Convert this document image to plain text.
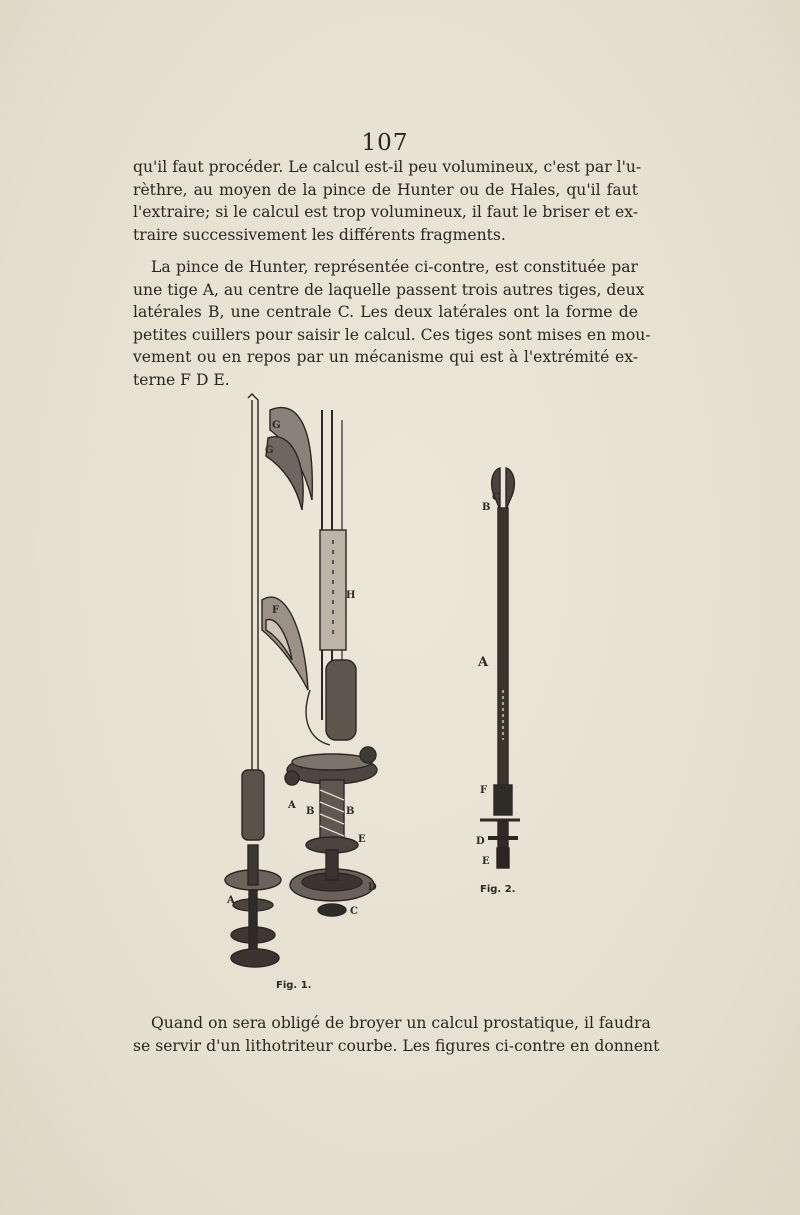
107
qu'il faut procéder. Le calcul est-il peu volumineux, c'est par l'u-
rèthre, au moyen de la pince de Hunter ou de Hales, qu'il faut
l'extraire; si le calcul est trop volumineux, il faut le briser et ex-
traire successivement les différents fragments.
La pince de Hunter, représentée ci-contre, est constituée par
une tige A, au centre de laquelle passent trois autres tiges, deux
latérales B, une centrale C. Les deux latérales ont la forme de
petites cuillers pour saisir le calcul. Ces tiges sont mises en mou-
vement ou en repos par un mécanisme qui est à l'extrémité ex-
terne F D E.
G
G
F
H
A
B	B
E
D
C
A
C
B
A
F
D
E
Fig. 1.
Fig. 2.
Quand on sera obligé de broyer un calcul prostatique, il faudra
se servir d'un lithotriteur courbe. Les figures ci-contre en donnent
